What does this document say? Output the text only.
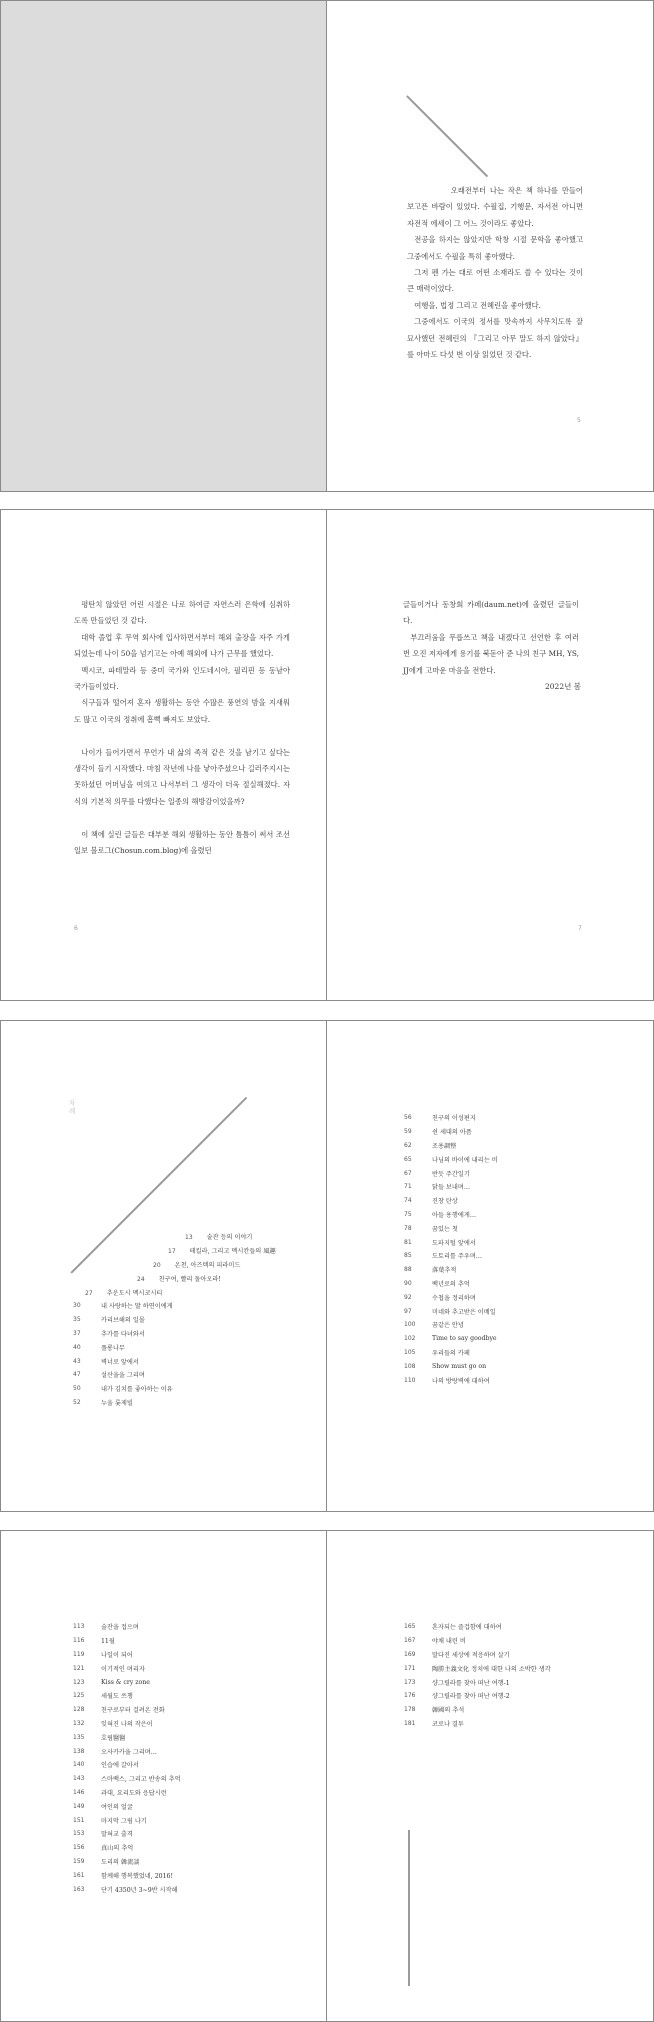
오래전부터 나는 작은 책 하나를 만들어 보고픈 바람이 있었다. 수필집, 기행문, 자서전 아니면 자전적 에세이 그 어느 것이라도 좋았다.

전공을 하지는 않았지만 학창 시절 문학을 좋아했고 그중에서도 수필을 특히 좋아했다.

그저 펜 가는 대로 어떤 소재라도 쓸 수 있다는 것이 큰 매력이었다.

여행을, 법정 그리고 전혜린을 좋아했다.

그중에서도 이국의 정서를 맛속까지 사무치도록 잘 묘사했던 전혜린의 『그리고 아무 말도 하지 않았다』를 아마도 다섯 번 이상 읽었던 것 같다.

5

평탄치 않았던 어린 시절은 나로 하여금 자연스러 은학에 심취하도록 만들었던 것 같다.

대학 졸업 후 무역 회사에 입사하면서부터 해외 출장을 자주 가게 되었는데 나이 50을 넘기고는 아예 해외에 나가 근무를 했었다.

멕시코, 파테말라 등 중미 국가와 인도네시아, 필리핀 등 동남아 국가들이었다.

식구들과 떨어져 혼자 생활하는 동안 수많은 풍연의 밤을 지새워도 많고 이국의 정취에 흠뻑 빠져도 보았다.

나이가 들어가면서 무언가 내 삶의 족적 같은 것을 남기고 싶다는 생각이 들기 시작했다. 마침 작년에 나를 낳아주셨으나 길러주지시는 못하셨던 어머님을 여의고 나서부터 그 생각이 더욱 절실해졌다. 자식의 기본적 의무를 다했다는 일종의 해방감이었을까?

이 책에 실린 글들은 대부분 해외 생활하는 동안 틈틈이 써서 조선일보 블로그(Chosun.com.blog)에 올렸던

6

글들이거나 동창회 카페(daum.net)에 올렸던 글들이다.

부끄러움을 무릅쓰고 책을 내겠다고 선언한 후 여러 번 오진 저자에게 용기를 북돋아 준 나의 친구 MH, YS, JJ에게 고마운 마음을 전한다.

2022년 봄
7
차례
13 술잔 등의 이야기
17 테킬라, 그리고 멕시칸들의 風趣
20 온천, 아즈텍의 피라미드
24 친구여, 빨리 돌아오라!
27 추운도시 멕시코시티
30	내 사랑하는 딸 하연이에게
35	카리브해의 일몰
37	추가를 다녀와서
40	플롱나무
43	벽너로 앞에서
47	설산을을 그리며
50	내가 김치를 좋아하는 이유
52	누울 롯제빌
56	친구의 이성편지
59	쉰 세대의 아픔
62	조용調整
65	나님의 바이에 내리는 비
67	반듯 주간일기
71	닭들 보내며…
74	진창 탄상
75	아들 용행에게…
78	꿈있는 첫
81	도파지털 앞에서
85	도토리를 주우며…
88	落葉추적
90	백년로의 추억
92	수첩을 정리하며
97	미네와 추고받은 이메일
100	꿈같은 안녕
102	Time to say goodbye
105	우리들의 카페
108	Show must go on
110	나의 방랑벽에 대하여
113	술잔을 접으며
116	11월
119	나일이 되어
121	이기적인 며리자
123	Kiss & cry zone
125	세월도 쓰챙
128	친구로부터 걸려온 전화
132	잊혀진 나의 작은이
135	호림醫醫
138	오사카카을 그리며…
140	인습에 갈아서
143	스마백스, 그리고 반송의 추억
146	과대, 요리도와 응답시런
149	여인의 얼굴
151	마지막 그림 나기
153	말혀교 출격
156	真山의 추억
159	도리의 韓流談
161	함께해 행복했었네, 2016!
163	단기 4350년 3~9반 시작해
165	혼자되는 즐겁함에 대하여
167	야채 내린 비
169	말다진 세상에 적응하며 살기
171	陶勝主義文化 정치에 대한 나의 소박한 생각
173	샹그릴라를 찾아 떠난 여행-1
176	샹그릴라를 찾아 떠난 여행-2
178	韓國의 추석
181	코로나 결투
